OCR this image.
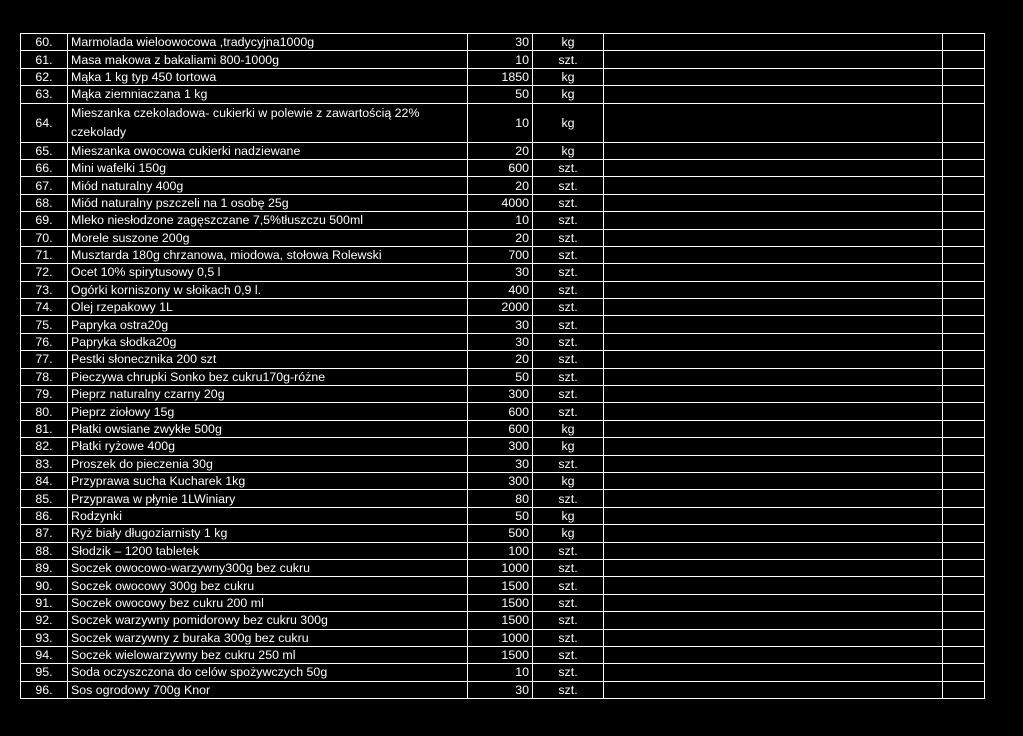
60.	Marmolada wieloowocowa ,tradycyjna1000g	30	kg		
61.	Masa makowa z bakaliami 800-1000g	10	szt.		
62.	Mąka 1 kg typ 450 tortowa	1850	kg		
63.	Mąka ziemniaczana 1 kg	50	kg		
64.	Mieszanka czekoladowa- cukierki w polewie z zawartością 22% czekolady	10	kg		
65.	Mieszanka owocowa cukierki nadziewane	20	kg		
66.	Mini wafelki 150g	600	szt.		
67.	Miód naturalny 400g	20	szt.		
68.	Miód naturalny pszczeli na 1 osobę 25g	4000	szt.		
69.	Mleko niesłodzone zagęszczane 7,5%tłuszczu 500ml	10	szt.		
70.	Morele suszone 200g	20	szt.		
71.	Musztarda 180g chrzanowa, miodowa, stołowa Rolewski	700	szt.		
72.	Ocet 10% spirytusowy 0,5 l	30	szt.		
73.	Ogórki korniszony w słoikach 0,9 l.	400	szt.		
74.	Olej rzepakowy 1L	2000	szt.		
75.	Papryka ostra20g	30	szt.		
76.	Papryka słodka20g	30	szt.		
77.	Pestki słonecznika 200 szt	20	szt.		
78.	Pieczywa chrupki Sonko bez cukru170g-różne	50	szt.		
79.	Pieprz naturalny czarny 20g	300	szt.		
80.	Pieprz ziołowy 15g	600	szt.		
81.	Płatki owsiane zwykłe 500g	600	kg		
82.	Płatki ryżowe 400g	300	kg		
83.	Proszek do pieczenia 30g	30	szt.		
84.	Przyprawa sucha Kucharek 1kg	300	kg		
85.	Przyprawa w płynie 1LWiniary	80	szt.		
86.	Rodzynki	50	kg		
87.	Ryż biały długoziarnisty 1 kg	500	kg		
88.	Słodzik – 1200 tabletek	100	szt.		
89.	Soczek owocowo-warzywny300g bez cukru	1000	szt.		
90.	Soczek owocowy 300g bez cukru	1500	szt.		
91.	Soczek owocowy bez cukru 200 ml	1500	szt.		
92.	Soczek warzywny pomidorowy bez cukru 300g	1500	szt.		
93.	Soczek warzywny z buraka 300g bez cukru	1000	szt.		
94.	Soczek wielowarzywny bez cukru 250 ml	1500	szt.		
95.	Soda oczyszczona do celów spożywczych 50g	10	szt.		
96.	Sos ogrodowy 700g Knor	30	szt.		
